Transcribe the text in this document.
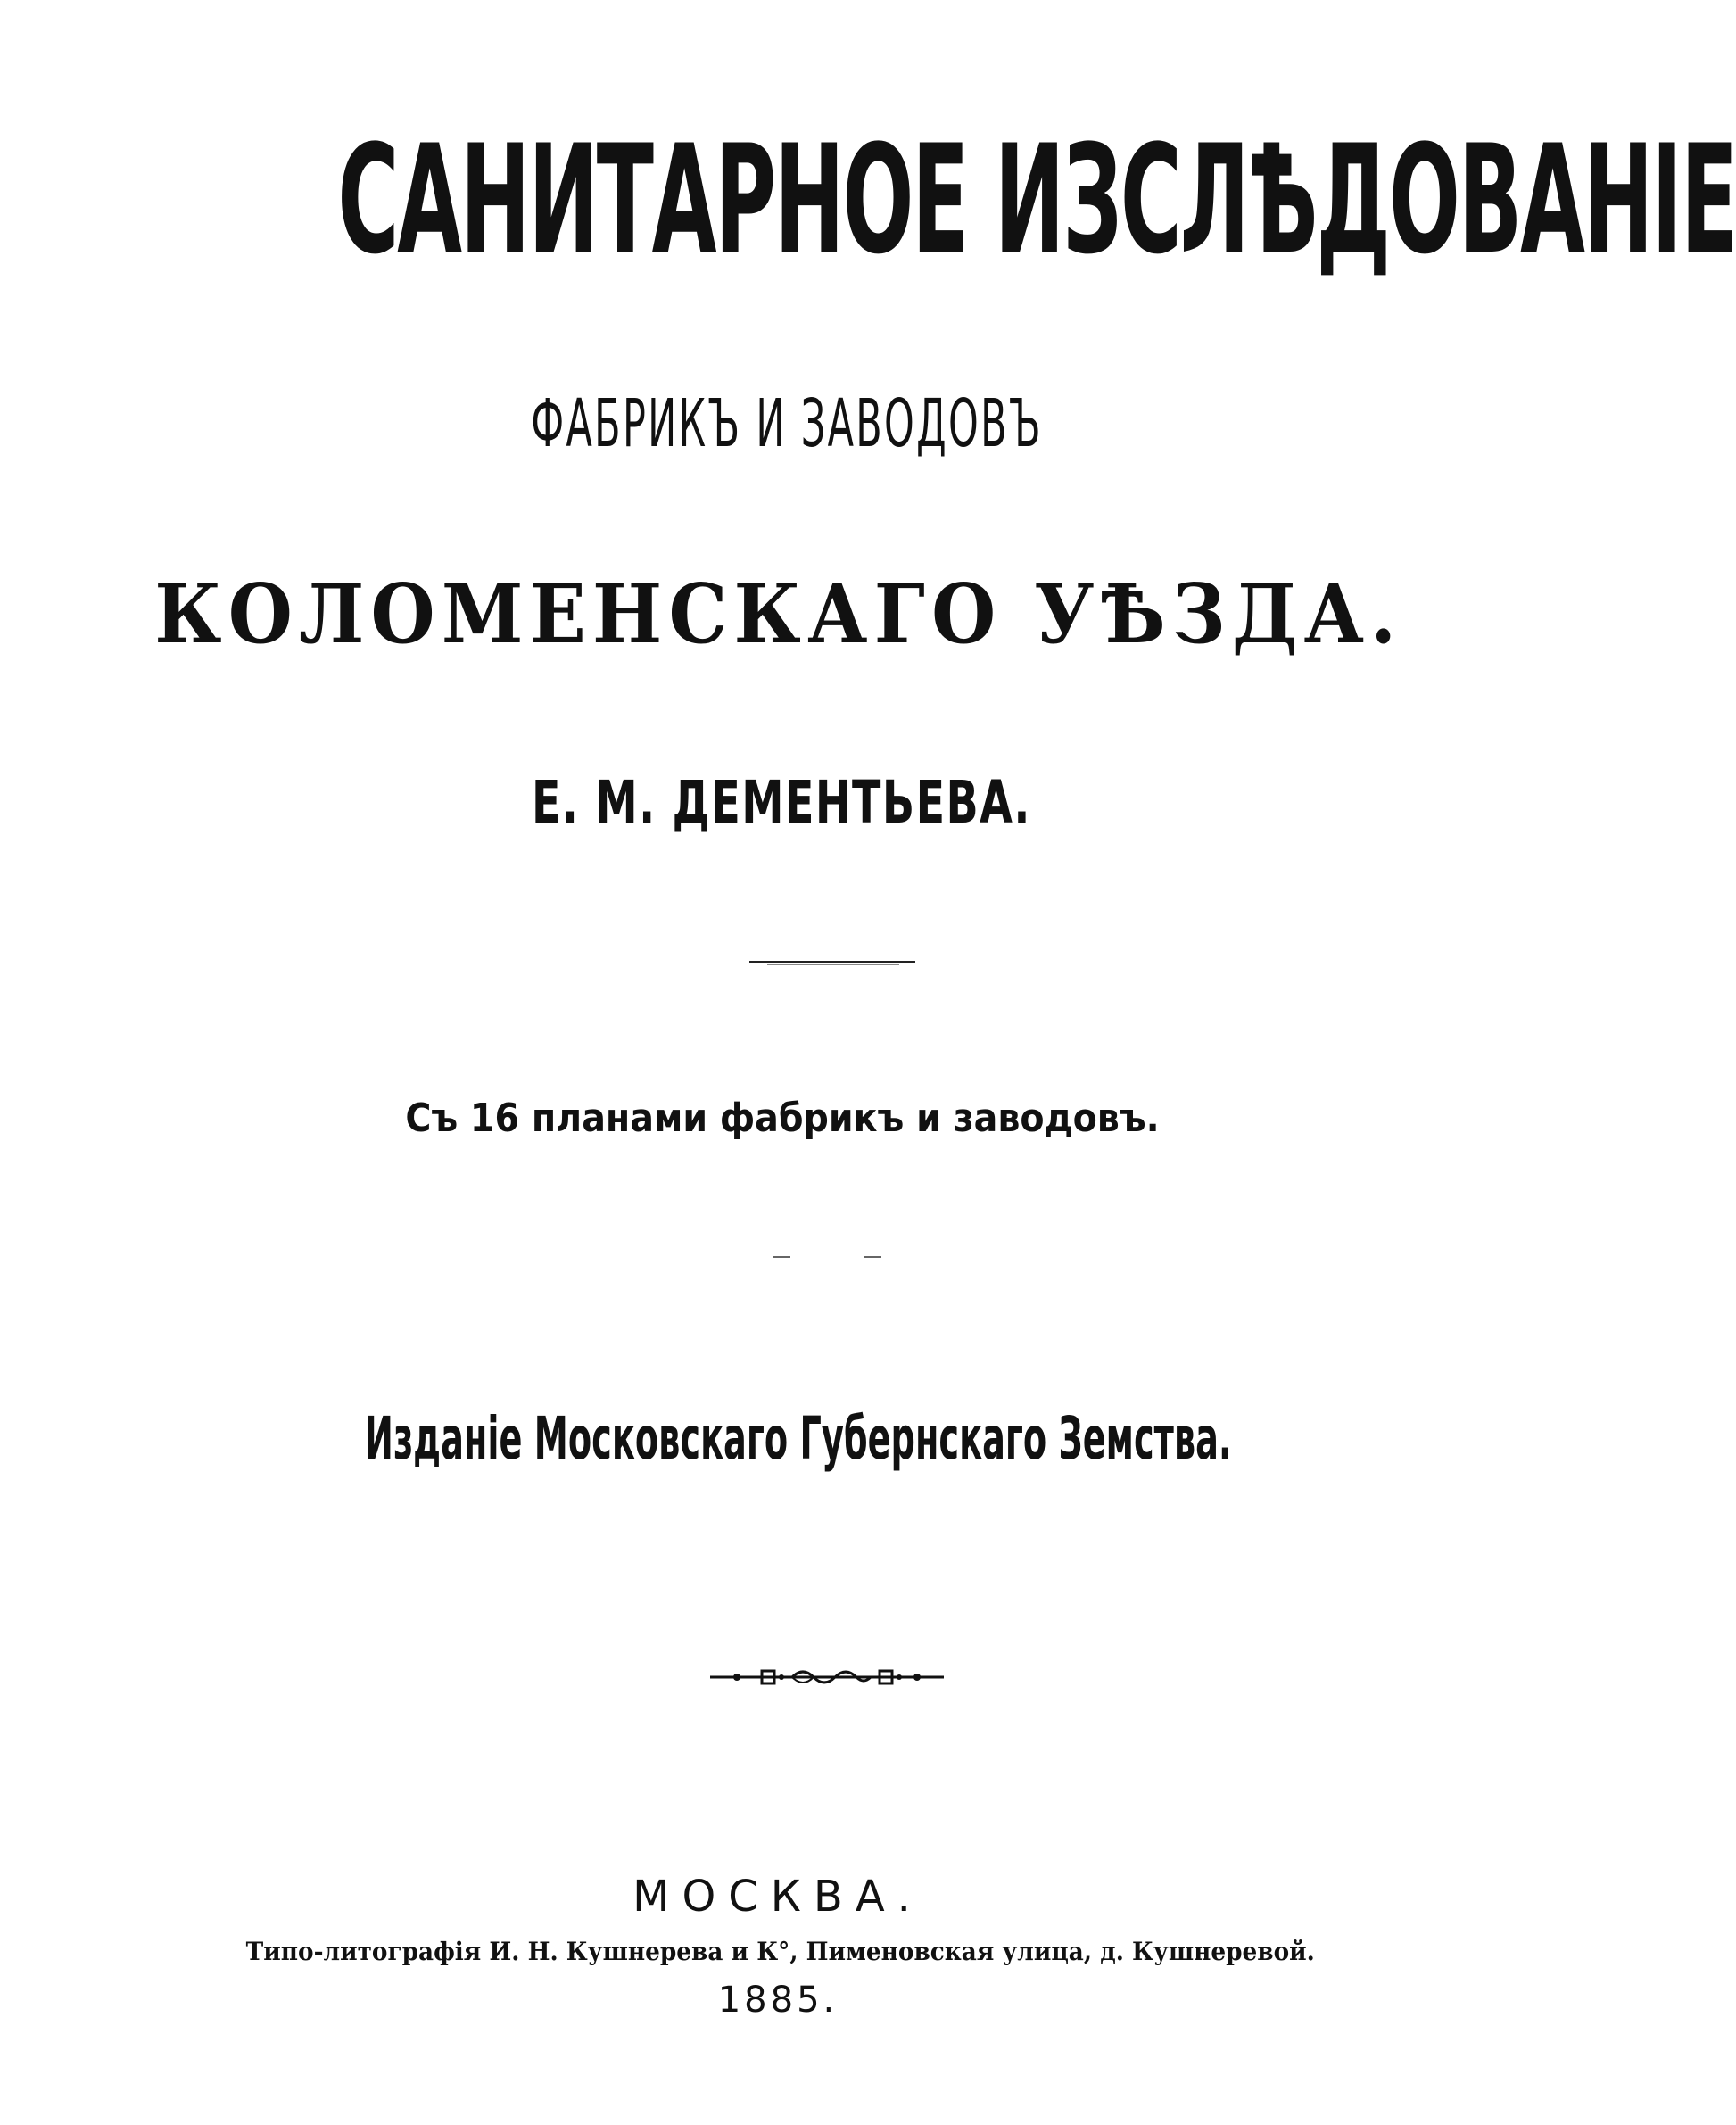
САНИТАРНОЕ ИЗСЛѢДОВАНІЕ
ФАБРИКЪ И ЗАВОДОВЪ
КОЛОМЕНСКАГО УѢЗДА.
Е. М. ДЕМЕНТЬЕВА.
Съ 16 планами фабрикъ и заводовъ.
Изданіе Московскаго Губернскаго Земства.
МОСКВА.
Типо-литографія И. Н. Кушнерева и К°, Пименовская улица, д. Кушнеревой.
1885.
